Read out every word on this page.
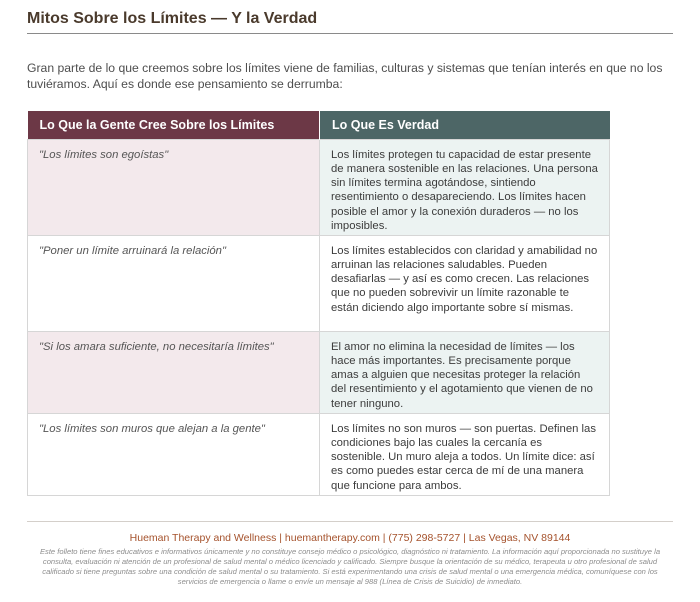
Mitos Sobre los Límites — Y la Verdad

Gran parte de lo que creemos sobre los límites viene de familias, culturas y sistemas que tenían interés en que no los tuviéramos. Aquí es donde ese pensamiento se derrumba:

Lo Que la Gente Cree Sobre los Límites	Lo Que Es Verdad
"Los límites son egoístas"	Los límites protegen tu capacidad de estar presente de manera sostenible en las relaciones. Una persona sin límites termina agotándose, sintiendo resentimiento o desapareciendo. Los límites hacen posible el amor y la conexión duraderos — no los imposibles.
"Poner un límite arruinará la relación"	Los límites establecidos con claridad y amabilidad no arruinan las relaciones saludables. Pueden desafiarlas — y así es como crecen. Las relaciones que no pueden sobrevivir un límite razonable te están diciendo algo importante sobre sí mismas.
"Si los amara suficiente, no necesitaría límites"	El amor no elimina la necesidad de límites — los hace más importantes. Es precisamente porque amas a alguien que necesitas proteger la relación del resentimiento y el agotamiento que vienen de no tener ninguno.
"Los límites son muros que alejan a la gente"	Los límites no son muros — son puertas. Definen las condiciones bajo las cuales la cercanía es sostenible. Un muro aleja a todos. Un límite dice: así es como puedes estar cerca de mí de una manera que funcione para ambos.
Hueman Therapy and Wellness | huemantherapy.com | (775) 298-5727 | Las Vegas, NV 89144

Este folleto tiene fines educativos e informativos únicamente y no constituye consejo médico o psicológico, diagnóstico ni tratamiento. La información aquí proporcionada no sustituye la consulta, evaluación ni atención de un profesional de salud mental o médico licenciado y calificado. Siempre busque la orientación de su médico, terapeuta u otro profesional de salud calificado si tiene preguntas sobre una condición de salud mental o su tratamiento. Si está experimentando una crisis de salud mental o una emergencia médica, comuníquese con los servicios de emergencia o llame o envíe un mensaje al 988 (Línea de Crisis de Suicidio) de inmediato.
